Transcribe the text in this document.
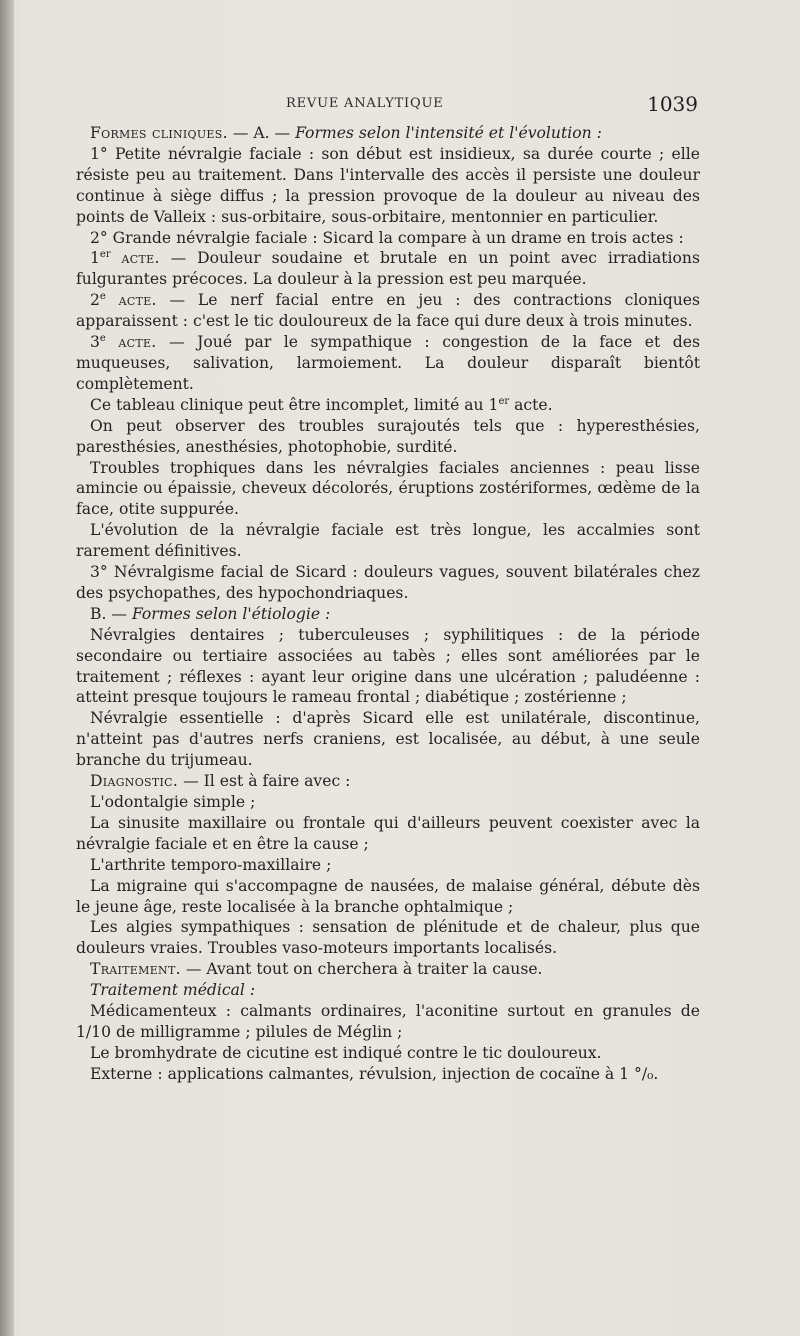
REVUE ANALYTIQUE	1039

Formes cliniques. — A. — Formes selon l'intensité et l'évolution :

1° Petite névralgie faciale : son début est insidieux, sa durée courte ; elle résiste peu au traitement. Dans l'intervalle des accès il persiste une douleur continue à siège diffus ; la pression provoque de la douleur au niveau des points de Valleix : sus-orbitaire, sous-orbitaire, mentonnier en particulier.

2° Grande névralgie faciale : Sicard la compare à un drame en trois actes :

1er acte. — Douleur soudaine et brutale en un point avec irradiations fulgurantes précoces. La douleur à la pression est peu marquée.

2e acte. — Le nerf facial entre en jeu : des contractions cloniques apparaissent : c'est le tic douloureux de la face qui dure deux à trois minutes.

3e acte. — Joué par le sympathique : congestion de la face et des muqueuses, salivation, larmoiement. La douleur disparaît bientôt complètement.

Ce tableau clinique peut être incomplet, limité au 1er acte.

On peut observer des troubles surajoutés tels que : hyperesthésies, paresthésies, anesthésies, photophobie, surdité.

Troubles trophiques dans les névralgies faciales anciennes : peau lisse amincie ou épaissie, cheveux décolorés, éruptions zostériformes, œdème de la face, otite suppurée.

L'évolution de la névralgie faciale est très longue, les accalmies sont rarement définitives.

3° Névralgisme facial de Sicard : douleurs vagues, souvent bilatérales chez des psychopathes, des hypochondriaques.

B. — Formes selon l'étiologie :

Névralgies dentaires ; tuberculeuses ; syphilitiques : de la période secondaire ou tertiaire associées au tabès ; elles sont améliorées par le traitement ; réflexes : ayant leur origine dans une ulcération ; paludéenne : atteint presque toujours le rameau frontal ; diabétique ; zostérienne ;

Névralgie essentielle : d'après Sicard elle est unilatérale, discontinue, n'atteint pas d'autres nerfs craniens, est localisée, au début, à une seule branche du trijumeau.

Diagnostic. — Il est à faire avec :

L'odontalgie simple ;

La sinusite maxillaire ou frontale qui d'ailleurs peuvent coexister avec la névralgie faciale et en être la cause ;

L'arthrite temporo-maxillaire ;

La migraine qui s'accompagne de nausées, de malaise général, débute dès le jeune âge, reste localisée à la branche ophtalmique ;

Les algies sympathiques : sensation de plénitude et de chaleur, plus que douleurs vraies. Troubles vaso-moteurs importants localisés.

Traitement. — Avant tout on cherchera à traiter la cause.

Traitement médical :

Médicamenteux : calmants ordinaires, l'aconitine surtout en granules de 1/10 de milligramme ; pilules de Méglin ;

Le bromhydrate de cicutine est indiqué contre le tic douloureux.

Externe : applications calmantes, révulsion, injection de cocaïne à 1 °/₀.
